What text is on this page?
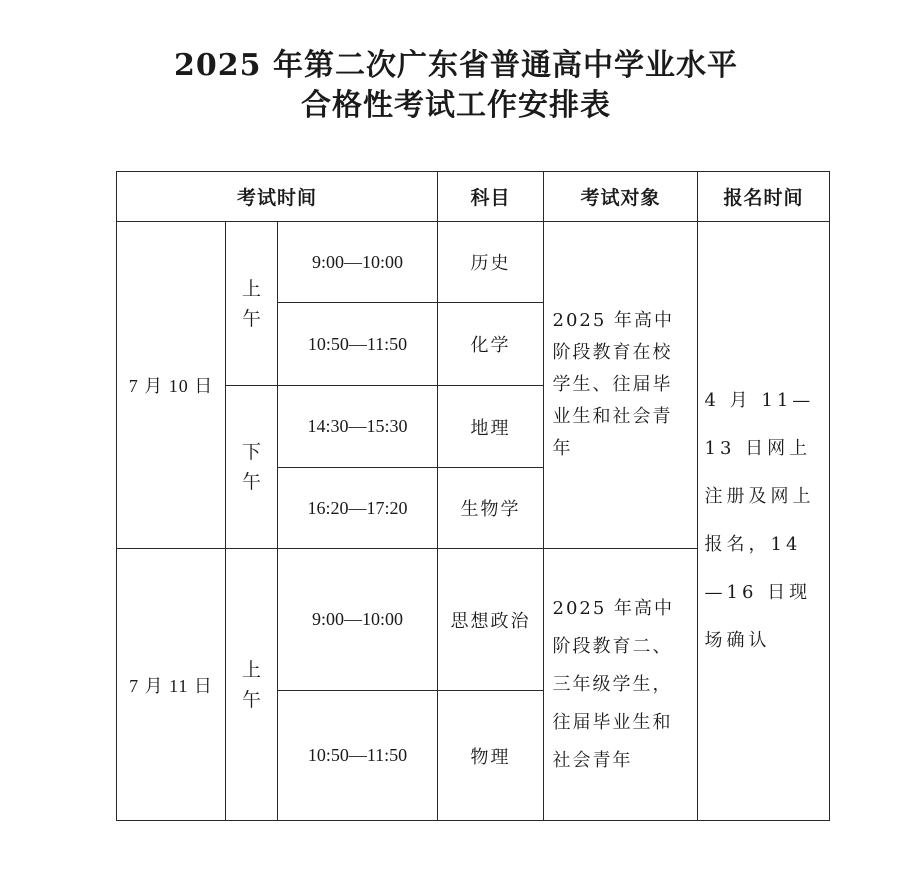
2025 年第二次广东省普通高中学业水平
合格性考试工作安排表
考试时间			科目	考试对象	报名时间
7 月 10 日	上午	9:00—10:00	历史	2025 年高中阶段教育在校学生、往届毕业生和社会青年	4 月 11—13 日网上注册及网上报名，14—16 日现场确认
		10:50—11:50	化学		
	下午	14:30—15:30	地理		
		16:20—17:20	生物学		
7 月 11 日	上午	9:00—10:00	思想政治	2025 年高中阶段教育二、三年级学生，往届毕业生和社会青年	
		10:50—11:50	物理		
